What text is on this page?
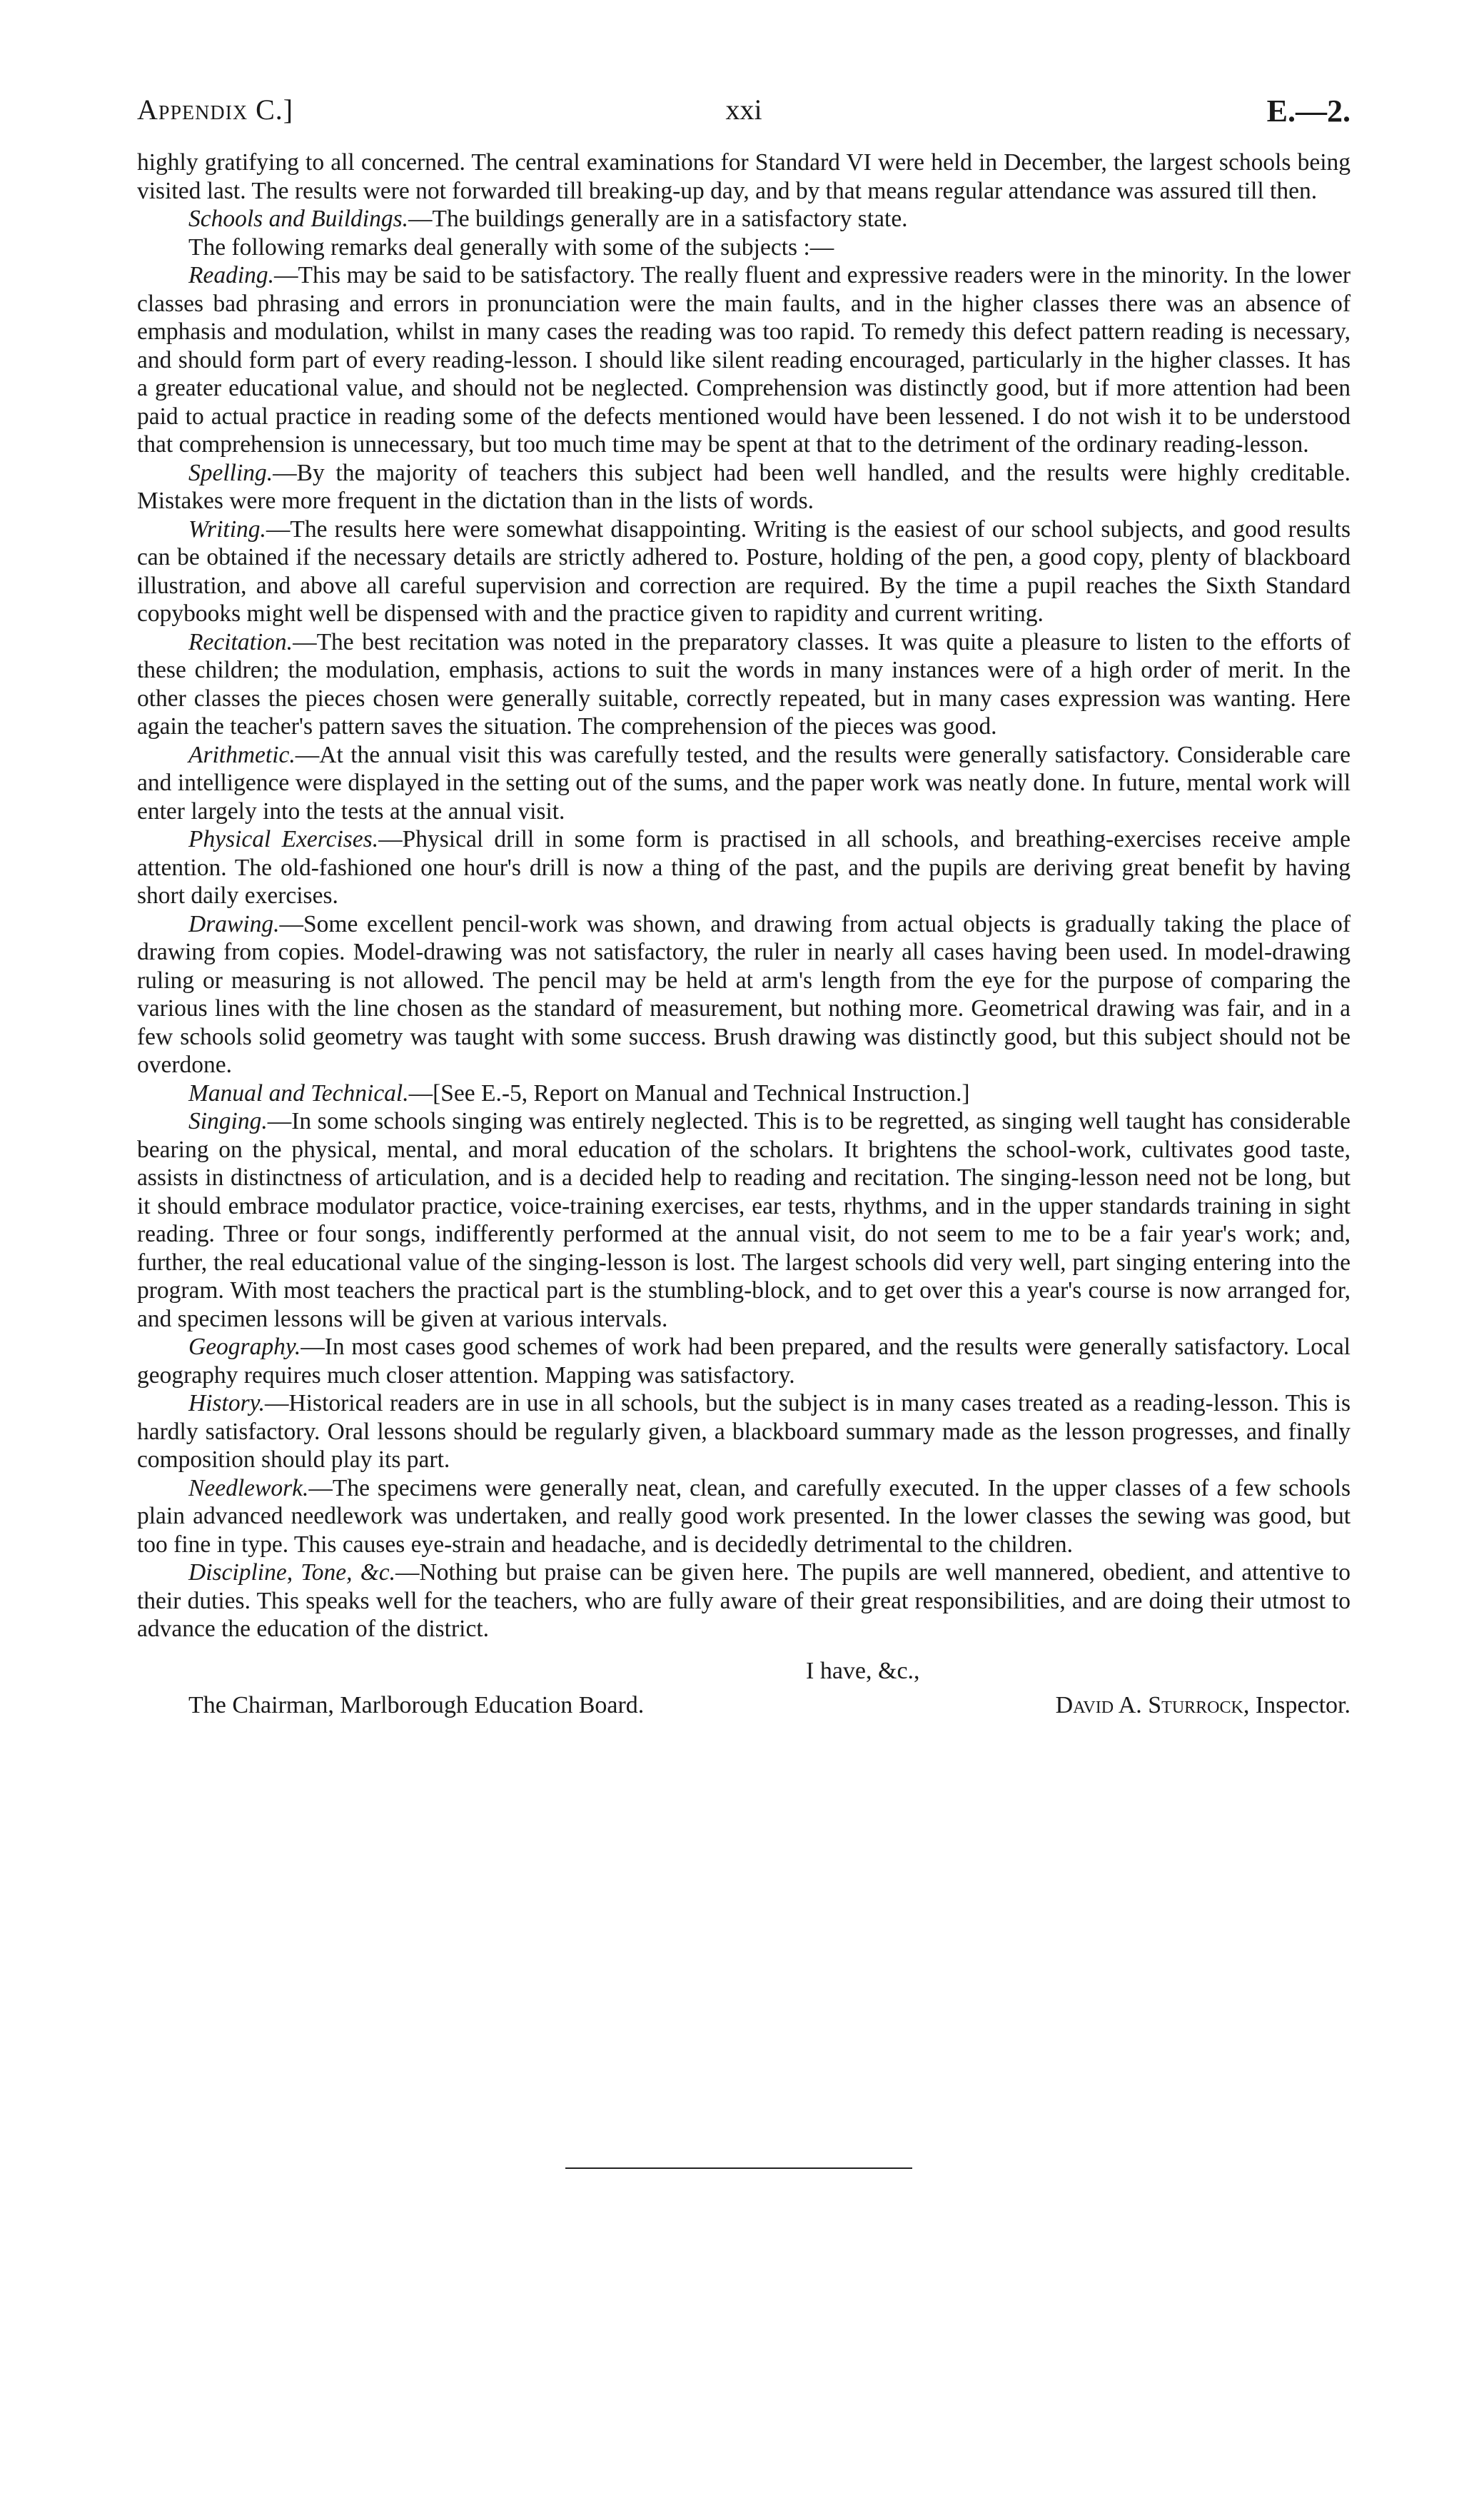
Appendix C.]	xxi	E.—2.

highly gratifying to all concerned. The central examinations for Standard VI were held in December, the largest schools being visited last. The results were not forwarded till breaking-up day, and by that means regular attendance was assured till then.

Schools and Buildings.—The buildings generally are in a satisfactory state.

The following remarks deal generally with some of the subjects :—

Reading.—This may be said to be satisfactory. The really fluent and expressive readers were in the minority. In the lower classes bad phrasing and errors in pronunciation were the main faults, and in the higher classes there was an absence of emphasis and modulation, whilst in many cases the reading was too rapid. To remedy this defect pattern reading is necessary, and should form part of every reading-lesson. I should like silent reading encouraged, particularly in the higher classes. It has a greater educational value, and should not be neglected. Comprehension was distinctly good, but if more attention had been paid to actual practice in reading some of the defects mentioned would have been lessened. I do not wish it to be understood that comprehension is unnecessary, but too much time may be spent at that to the detriment of the ordinary reading-lesson.

Spelling.—By the majority of teachers this subject had been well handled, and the results were highly creditable. Mistakes were more frequent in the dictation than in the lists of words.

Writing.—The results here were somewhat disappointing. Writing is the easiest of our school subjects, and good results can be obtained if the necessary details are strictly adhered to. Posture, holding of the pen, a good copy, plenty of blackboard illustration, and above all careful supervision and correction are required. By the time a pupil reaches the Sixth Standard copybooks might well be dispensed with and the practice given to rapidity and current writing.

Recitation.—The best recitation was noted in the preparatory classes. It was quite a pleasure to listen to the efforts of these children; the modulation, emphasis, actions to suit the words in many instances were of a high order of merit. In the other classes the pieces chosen were generally suitable, correctly repeated, but in many cases expression was wanting. Here again the teacher's pattern saves the situation. The comprehension of the pieces was good.

Arithmetic.—At the annual visit this was carefully tested, and the results were generally satisfactory. Considerable care and intelligence were displayed in the setting out of the sums, and the paper work was neatly done. In future, mental work will enter largely into the tests at the annual visit.

Physical Exercises.—Physical drill in some form is practised in all schools, and breathing-exercises receive ample attention. The old-fashioned one hour's drill is now a thing of the past, and the pupils are deriving great benefit by having short daily exercises.

Drawing.—Some excellent pencil-work was shown, and drawing from actual objects is gradually taking the place of drawing from copies. Model-drawing was not satisfactory, the ruler in nearly all cases having been used. In model-drawing ruling or measuring is not allowed. The pencil may be held at arm's length from the eye for the purpose of comparing the various lines with the line chosen as the standard of measurement, but nothing more. Geometrical drawing was fair, and in a few schools solid geometry was taught with some success. Brush drawing was distinctly good, but this subject should not be overdone.

Manual and Technical.—[See E.-5, Report on Manual and Technical Instruction.]

Singing.—In some schools singing was entirely neglected. This is to be regretted, as singing well taught has considerable bearing on the physical, mental, and moral education of the scholars. It brightens the school-work, cultivates good taste, assists in distinctness of articulation, and is a decided help to reading and recitation. The singing-lesson need not be long, but it should embrace modulator practice, voice-training exercises, ear tests, rhythms, and in the upper standards training in sight reading. Three or four songs, indifferently performed at the annual visit, do not seem to me to be a fair year's work; and, further, the real educational value of the singing-lesson is lost. The largest schools did very well, part singing entering into the program. With most teachers the practical part is the stumbling-block, and to get over this a year's course is now arranged for, and specimen lessons will be given at various intervals.

Geography.—In most cases good schemes of work had been prepared, and the results were generally satisfactory. Local geography requires much closer attention. Mapping was satisfactory.

History.—Historical readers are in use in all schools, but the subject is in many cases treated as a reading-lesson. This is hardly satisfactory. Oral lessons should be regularly given, a blackboard summary made as the lesson progresses, and finally composition should play its part.

Needlework.—The specimens were generally neat, clean, and carefully executed. In the upper classes of a few schools plain advanced needlework was undertaken, and really good work presented. In the lower classes the sewing was good, but too fine in type. This causes eye-strain and headache, and is decidedly detrimental to the children.

Discipline, Tone, &c.—Nothing but praise can be given here. The pupils are well mannered, obedient, and attentive to their duties. This speaks well for the teachers, who are fully aware of their great responsibilities, and are doing their utmost to advance the education of the district.

I have, &c.,
The Chairman, Marlborough Education Board.	David A. Sturrock, Inspector.
